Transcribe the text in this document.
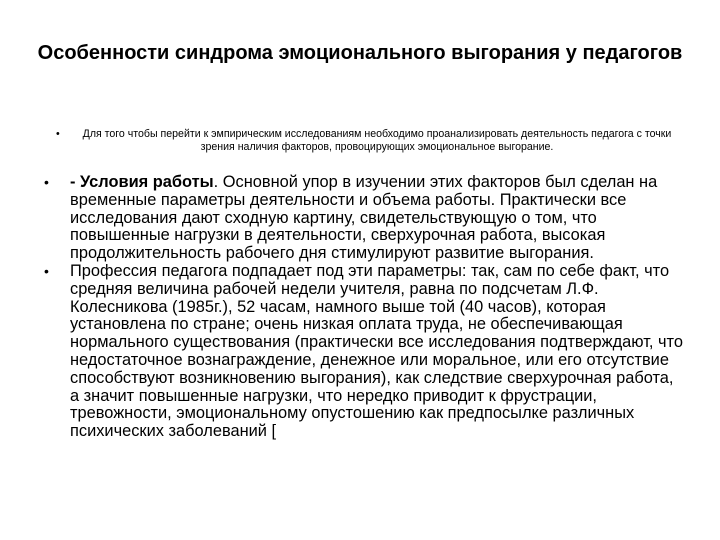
Особенности синдрома эмоционального выгорания у педагогов
•	Для того чтобы перейти к эмпирическим исследованиям необходимо проанализировать деятельность педагога с точки зрения наличия факторов, провоцирующих эмоциональное выгорание.
• - Условия работы. Основной упор в изучении этих факторов был сделан на временные параметры деятельности и объема работы. Практически все исследования дают сходную картину, свидетельствующую о том, что повышенные нагрузки в деятельности, сверхурочная работа, высокая продолжительность рабочего дня стимулируют развитие выгорания.
• Профессия педагога подпадает под эти параметры: так, сам по себе факт, что средняя величина рабочей недели учителя, равна по подсчетам Л.Ф. Колесникова (1985г.), 52 часам, намного выше той (40 часов), которая установлена по стране; очень низкая оплата труда, не обеспечивающая нормального существования (практически все исследования подтверждают, что недостаточное вознаграждение, денежное или моральное, или его отсутствие способствуют возникновению выгорания), как следствие сверхурочная работа, а значит повышенные нагрузки, что нередко приводит к фрустрации, тревожности, эмоциональному опустошению как предпосылке различных психических заболеваний [
